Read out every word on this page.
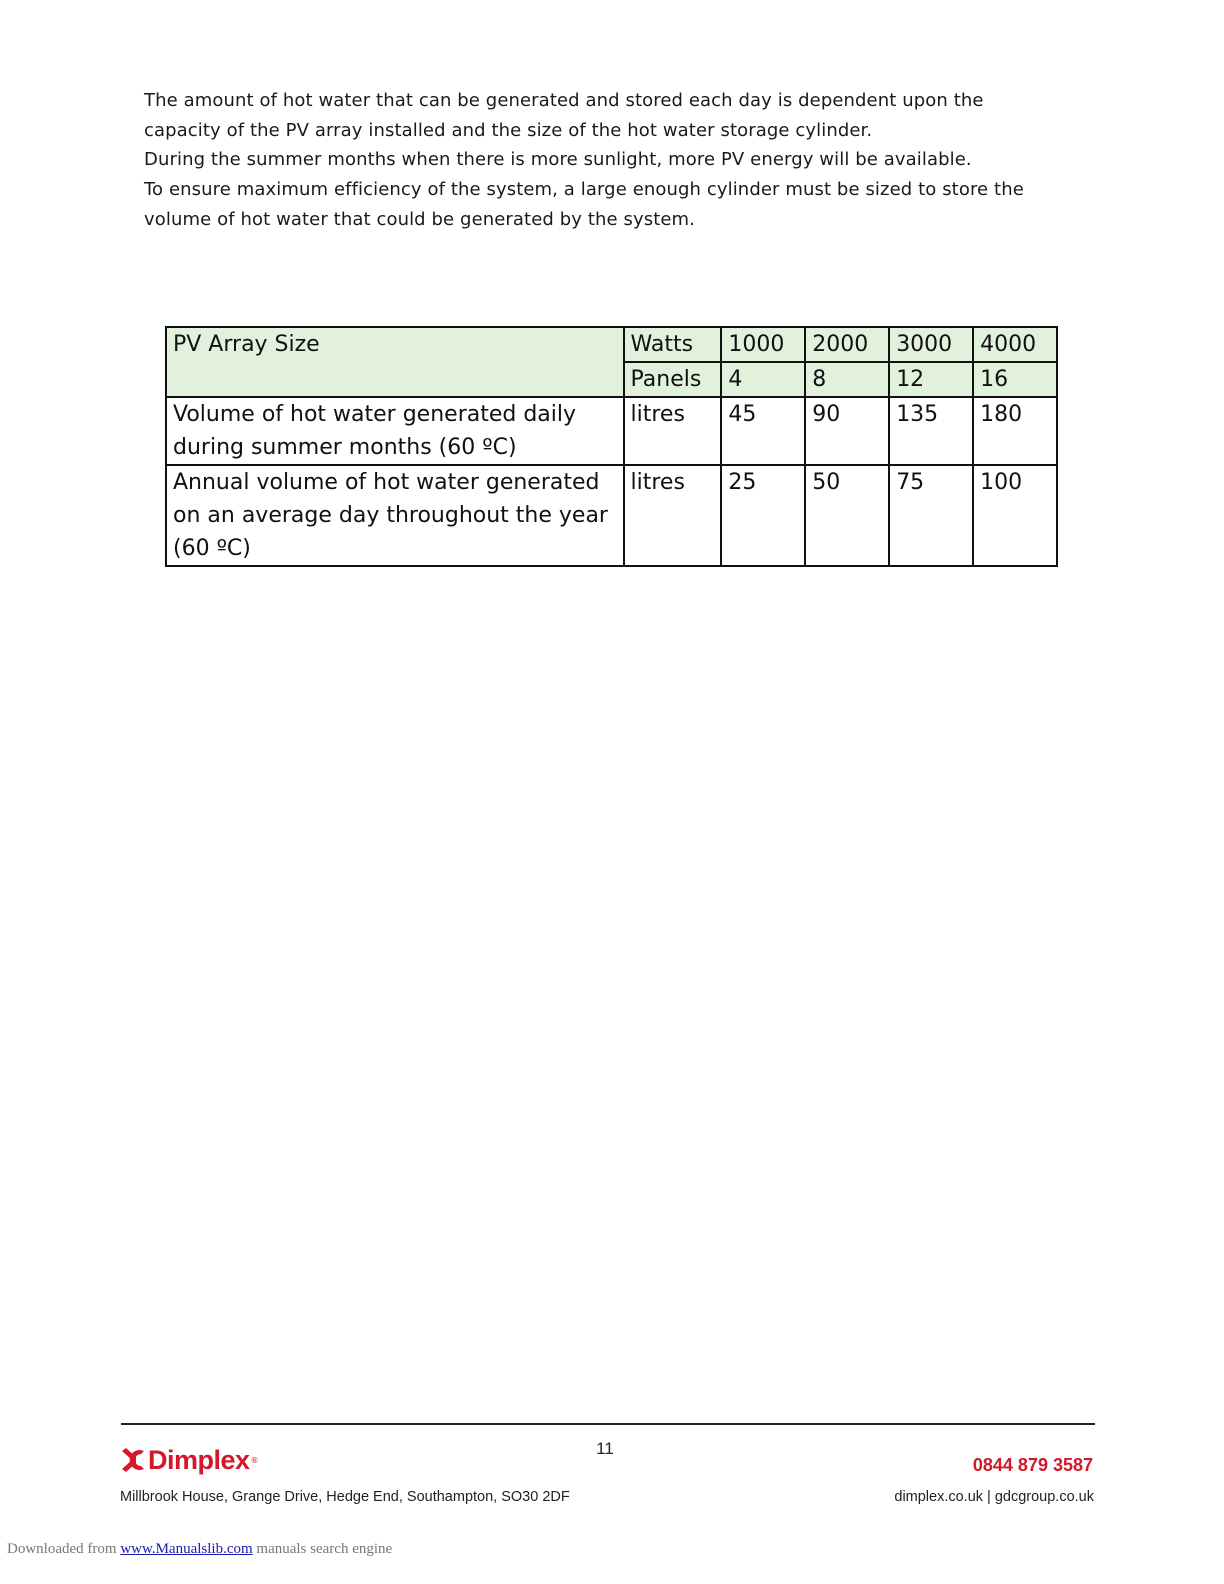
The amount of hot water that can be generated and stored each day is dependent upon the

capacity of the PV array installed and the size of the hot water storage cylinder.

During the summer months when there is more sunlight, more PV energy will be available.

To ensure maximum efficiency of the system, a large enough cylinder must be sized to store the

volume of hot water that could be generated by the system.

PV Array Size	Watts	1000	2000	3000	4000
	Panels	4	8	12	16
Volume of hot water generated daily during summer months (60 ºC)	litres	45	90	135	180
Annual volume of hot water generated on an average day throughout the year (60 ºC)	litres	25	50	75	100
11
Dimplex ®	0844 879 3587
Millbrook House, Grange Drive, Hedge End, Southampton, SO30 2DF	dimplex.co.uk | gdcgroup.co.uk
Downloaded from www.Manualslib.com manuals search engine
